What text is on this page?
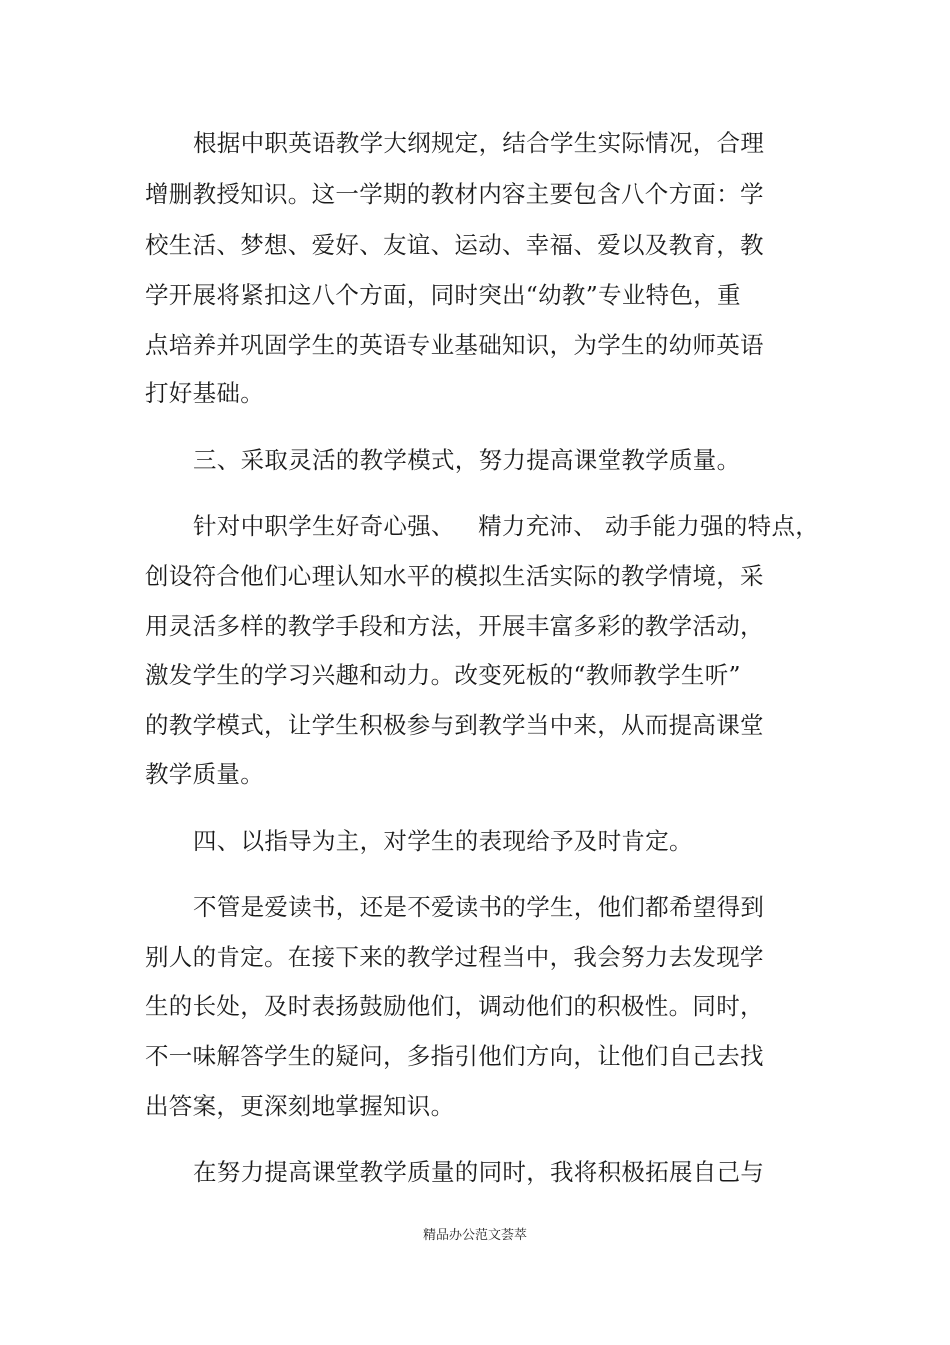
根据中职英语教学大纲规定，结合学生实际情况，合理
增删教授知识。这一学期的教材内容主要包含八个方面：学
校生活、梦想、爱好、友谊、运动、幸福、爱以及教育，教
学开展将紧扣这八个方面，同时突出“幼教”专业特色，重
点培养并巩固学生的英语专业基础知识，为学生的幼师英语
打好基础。
三、采取灵活的教学模式，努力提高课堂教学质量。
针对中职学生好奇心强、   精力充沛、 动手能力强的特点，
创设符合他们心理认知水平的模拟生活实际的教学情境，采
用灵活多样的教学手段和方法，开展丰富多彩的教学活动，
激发学生的学习兴趣和动力。改变死板的“教师教学生听”
的教学模式，让学生积极参与到教学当中来，从而提高课堂
教学质量。
四、以指导为主，对学生的表现给予及时肯定。
不管是爱读书，还是不爱读书的学生，他们都希望得到
别人的肯定。在接下来的教学过程当中，我会努力去发现学
生的长处，及时表扬鼓励他们，调动他们的积极性。同时，
不一味解答学生的疑问，多指引他们方向，让他们自己去找
出答案，更深刻地掌握知识。
在努力提高课堂教学质量的同时，我将积极拓展自己与
精品办公范文荟萃
